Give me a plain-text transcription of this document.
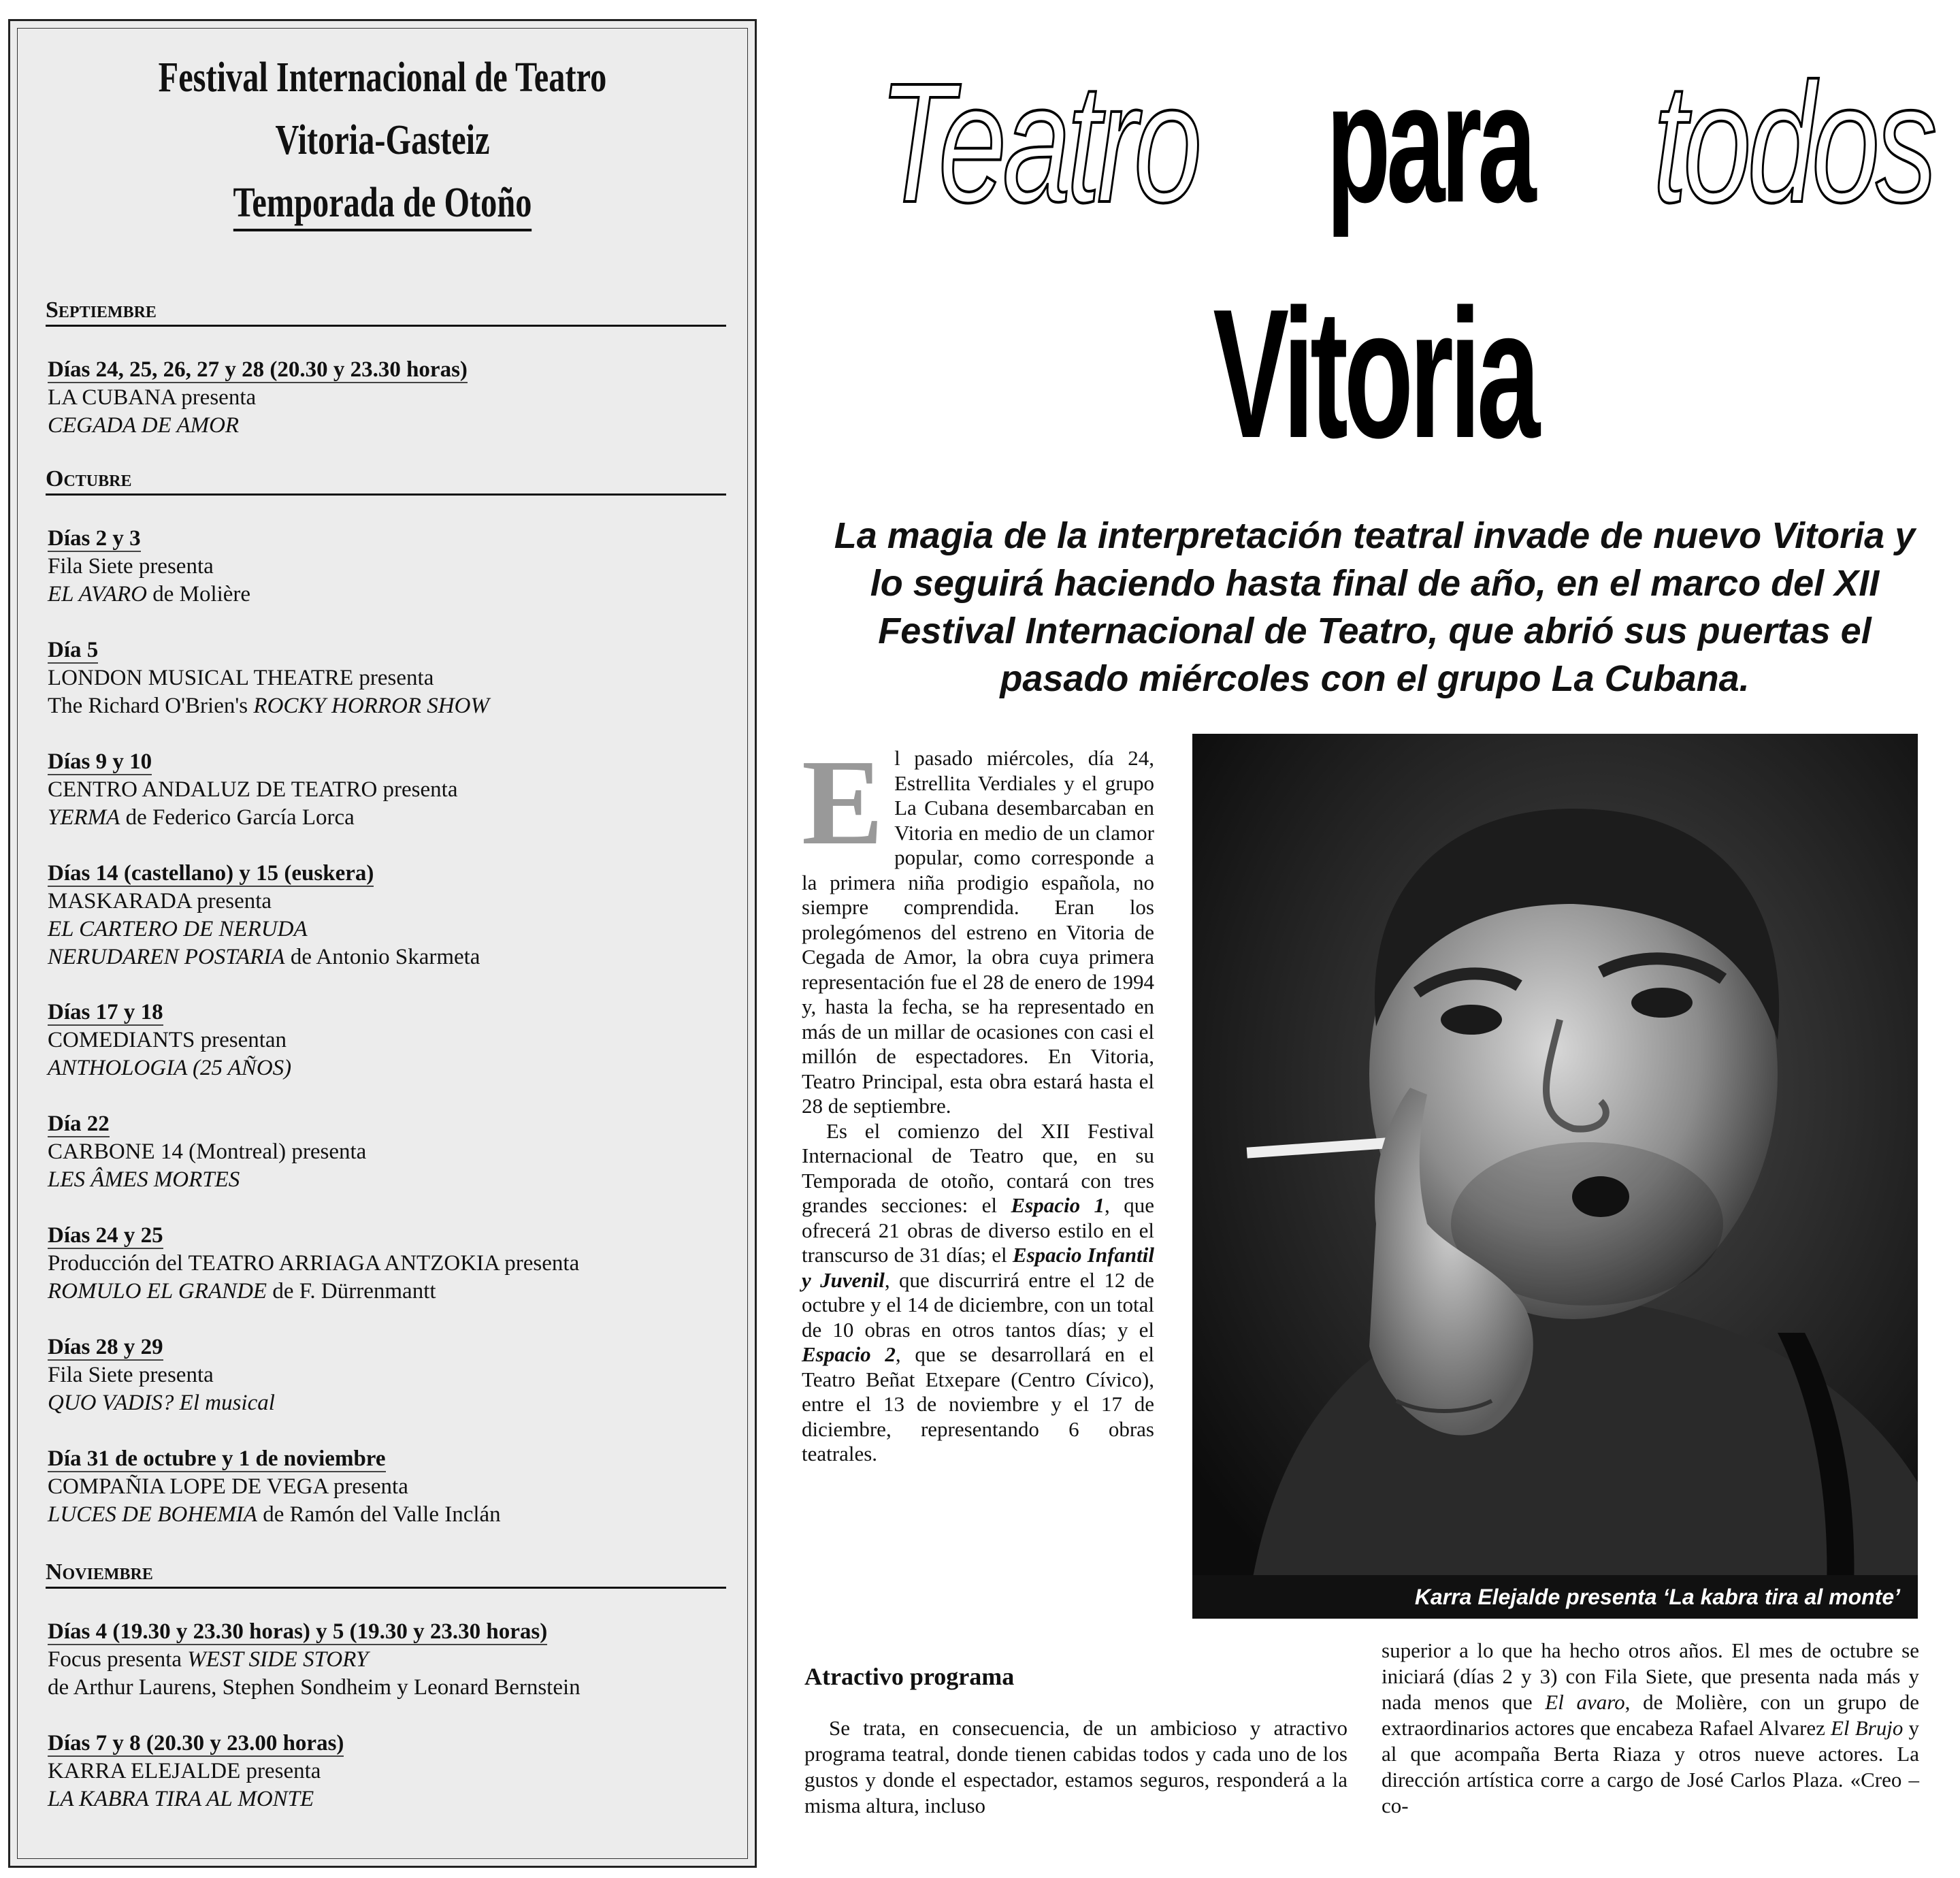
Festival Internacional de Teatro
Vitoria-Gasteiz
Temporada de Otoño
Septiembre
Días 24, 25, 26, 27 y 28 (20.30 y 23.30 horas)
LA CUBANA presenta
CEGADA DE AMOR
Octubre
Días 2 y 3
Fila Siete presenta
EL AVARO de Molière
Día 5
LONDON MUSICAL THEATRE presenta
The Richard O'Brien's ROCKY HORROR SHOW
Días 9 y 10
CENTRO ANDALUZ DE TEATRO presenta
YERMA de Federico García Lorca
Días 14 (castellano) y 15 (euskera)
MASKARADA presenta
EL CARTERO DE NERUDA
NERUDAREN POSTARIA de Antonio Skarmeta
Días 17 y 18
COMEDIANTS presentan
ANTHOLOGIA (25 AÑOS)
Día 22
CARBONE 14 (Montreal) presenta
LES ÂMES MORTES
Días 24 y 25
Producción del TEATRO ARRIAGA ANTZOKIA presenta
ROMULO EL GRANDE de F. Dürrenmantt
Días 28 y 29
Fila Siete presenta
QUO VADIS? El musical
Día 31 de octubre y 1 de noviembre
COMPAÑIA LOPE DE VEGA presenta
LUCES DE BOHEMIA de Ramón del Valle Inclán
Noviembre
Días 4 (19.30 y 23.30 horas) y 5 (19.30 y 23.30 horas)
Focus presenta WEST SIDE STORY
de Arthur Laurens, Stephen Sondheim y Leonard Bernstein
Días 7 y 8 (20.30 y 23.00 horas)
KARRA ELEJALDE presenta
LA KABRA TIRA AL MONTE
Teatro para todos
Vitoria
La magia de la interpretación teatral invade de nuevo Vitoria y lo seguirá haciendo hasta final de año, en el marco del XII Festival Internacional de Teatro, que abrió sus puertas el pasado miércoles con el grupo La Cubana.

El pasado miércoles, día 24, Estrellita Verdiales y el grupo La Cubana desembarcaban en Vitoria en medio de un clamor popular, como corresponde a la primera niña prodigio española, no siempre comprendida. Eran los prolegómenos del estreno en Vitoria de Cegada de Amor, la obra cuya primera representación fue el 28 de enero de 1994 y, hasta la fecha, se ha representado en más de un millar de ocasiones con casi el millón de espectadores. En Vitoria, Teatro Principal, esta obra estará hasta el 28 de septiembre.

Es el comienzo del XII Festival Internacional de Teatro que, en su Temporada de otoño, contará con tres grandes secciones: el Espacio 1, que ofrecerá 21 obras de diverso estilo en el transcurso de 31 días; el Espacio Infantil y Juvenil, que discurrirá entre el 12 de octubre y el 14 de diciembre, con un total de 10 obras en otros tantos días; y el Espacio 2, que se desarrollará en el Teatro Beñat Etxepare (Centro Cívico), entre el 13 de noviembre y el 17 de diciembre, representando 6 obras teatrales.

Karra Elejalde presenta ‘La kabra tira al monte’
Atractivo programa
Se trata, en consecuencia, de un ambicioso y atractivo programa teatral, donde tienen cabidas todos y cada uno de los gustos y donde el espectador, estamos seguros, responderá a la misma altura, incluso
superior a lo que ha hecho otros años. El mes de octubre se iniciará (días 2 y 3) con Fila Siete, que presenta nada más y nada menos que El avaro, de Molière, con un grupo de extraordinarios actores que encabeza Rafael Alvarez El Brujo y al que acompaña Berta Riaza y otros nueve actores. La dirección artística corre a cargo de José Carlos Plaza. «Creo –co-
